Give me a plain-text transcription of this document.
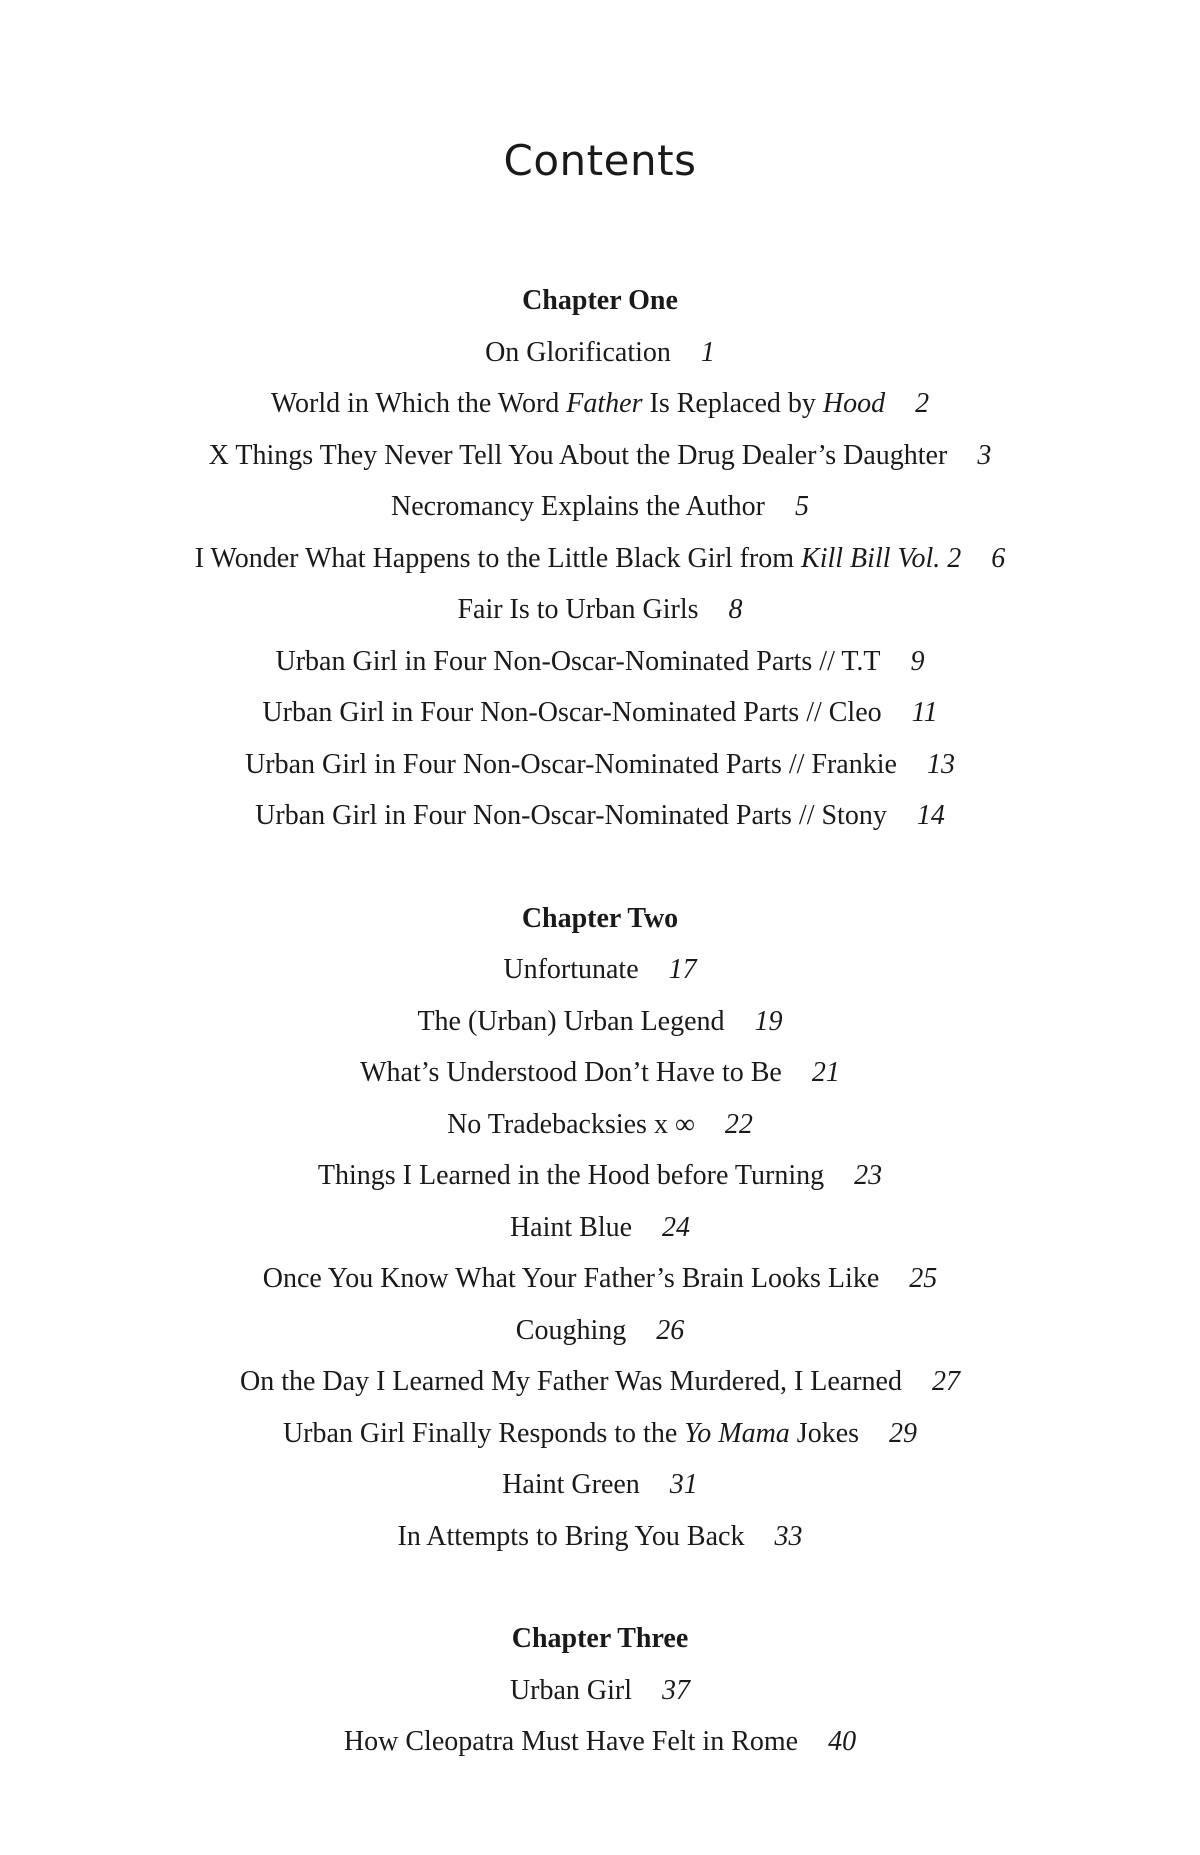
Contents
Chapter One
On Glorification 1
World in Which the Word Father Is Replaced by Hood 2
X Things They Never Tell You About the Drug Dealer’s Daughter 3
Necromancy Explains the Author 5
I Wonder What Happens to the Little Black Girl from Kill Bill Vol. 2 6
Fair Is to Urban Girls 8
Urban Girl in Four Non-Oscar-Nominated Parts // T.T 9
Urban Girl in Four Non-Oscar-Nominated Parts // Cleo 11
Urban Girl in Four Non-Oscar-Nominated Parts // Frankie 13
Urban Girl in Four Non-Oscar-Nominated Parts // Stony 14
Chapter Two
Unfortunate 17
The (Urban) Urban Legend 19
What’s Understood Don’t Have to Be 21
No Tradebacksies x ∞ 22
Things I Learned in the Hood before Turning 23
Haint Blue 24
Once You Know What Your Father’s Brain Looks Like 25
Coughing 26
On the Day I Learned My Father Was Murdered, I Learned 27
Urban Girl Finally Responds to the Yo Mama Jokes 29
Haint Green 31
In Attempts to Bring You Back 33
Chapter Three
Urban Girl 37
How Cleopatra Must Have Felt in Rome 40
